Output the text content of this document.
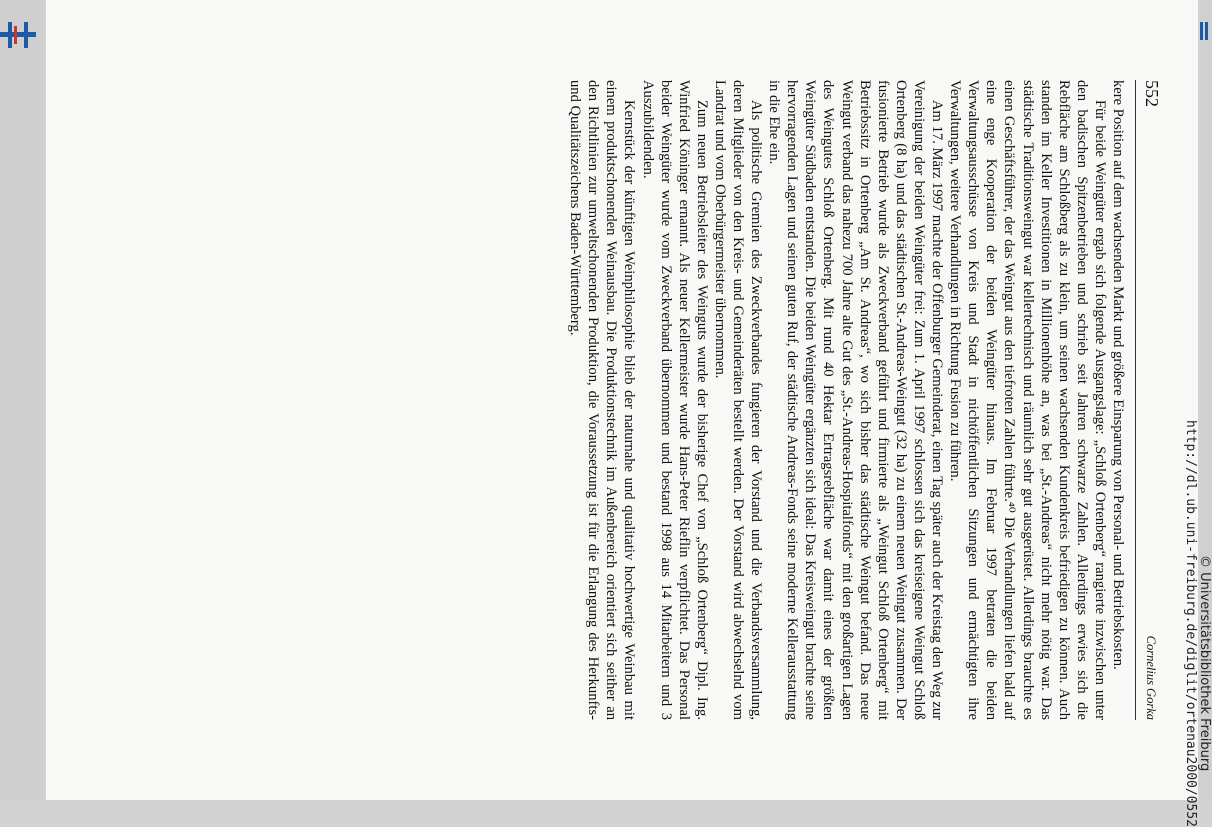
552
Cornelius Gorka

kere Position auf dem wachsenden Markt und größere Einsparung von Personal- und Betriebskosten.

Für beide Weingüter ergab sich folgende Ausgangslage: „Schloß Ortenberg“ rangierte inzwischen unter den badischen Spitzenbetrieben und schrieb seit Jahren schwarze Zahlen. Allerdings erwies sich die Rebfläche am Schloßberg als zu klein, um seinen wachsenden Kundenkreis befriedigen zu können. Auch standen im Keller Investitionen in Millionenhöhe an, was bei „St.-Andreas“ nicht mehr nötig war. Das städtische Traditionsweingut war kellertechnisch und räumlich sehr gut ausgerüstet. Allerdings brauchte es einen Geschäftsführer, der das Weingut aus den tiefroten Zahlen führte.⁴⁰ Die Verhandlungen liefen bald auf eine enge Kooperation der beiden Weingüter hinaus. Im Februar 1997 betraten die beiden Verwaltungsausschüsse von Kreis und Stadt in nichtöffentlichen Sitzungen und ermächtigten ihre Verwaltungen, weitere Verhandlungen in Richtung Fusion zu führen.

Am 17. März 1997 machte der Offenburger Gemeinderat, einen Tag später auch der Kreistag den Weg zur Vereinigung der beiden Weingüter frei: Zum 1. April 1997 schlossen sich das kreiseigene Weingut Schloß Ortenberg (8 ha) und das städtischen St.-Andreas-Weingut (32 ha) zu einem neuen Weingut zusammen. Der fusionierte Betrieb wurde als Zweckverband geführt und firmierte als „Weingut Schloß Ortenberg“ mit Betriebssitz in Ortenberg „Am St. Andreas“, wo sich bisher das städtische Weingut befand. Das neue Weingut verband das nahezu 700 Jahre alte Gut des „St.-Andreas-Hospitalfonds“ mit den großartigen Lagen des Weingutes Schloß Ortenberg. Mit rund 40 Hektar Ertragsrebfläche war damit eines der größten Weingüter Südbaden entstanden. Die beiden Weingüter ergänzten sich ideal: Das Kreisweingut brachte seine hervorragenden Lagen und seinen guten Ruf, der städtische Andreas-Fonds seine moderne Kellerausstattung in die Ehe ein.

Als politische Gremien des Zweckverbandes fungieren der Vorstand und die Verbandsversammlung, deren Mitglieder von den Kreis- und Gemeinderäten bestellt werden. Der Vorstand wird abwechselnd vom Landrat und vom Oberbürgermeister übernommen.

Zum neuen Betriebsleiter des Weinguts wurde der bisherige Chef von „Schloß Ortenberg“ Dipl. Ing. Winfried Köninger ernannt. Als neuer Kellermeister wurde Hans-Peter Rieflin verpflichtet. Das Personal beider Weingüter wurde vom Zweckverband übernommen und bestand 1998 aus 14 Mitarbeitern und 3 Auszubildenden.

Kernstück der künftigen Weinphilosophie blieb der naturnahe und qualitativ hochwertige Weinbau mit einem produktschonenden Weinausbau. Die Produktionstechnik im Außenbereich orientiert sich seither an den Richtlinien zur umweltschonenden Produktion, die Voraussetzung ist für die Erlangung des Herkunfts- und Qualitätszeichens Baden-Württemberg.

http://dl.ub.uni-freiburg.de/diglit/ortenau2000/0552 © Universitätsbibliothek Freiburg
